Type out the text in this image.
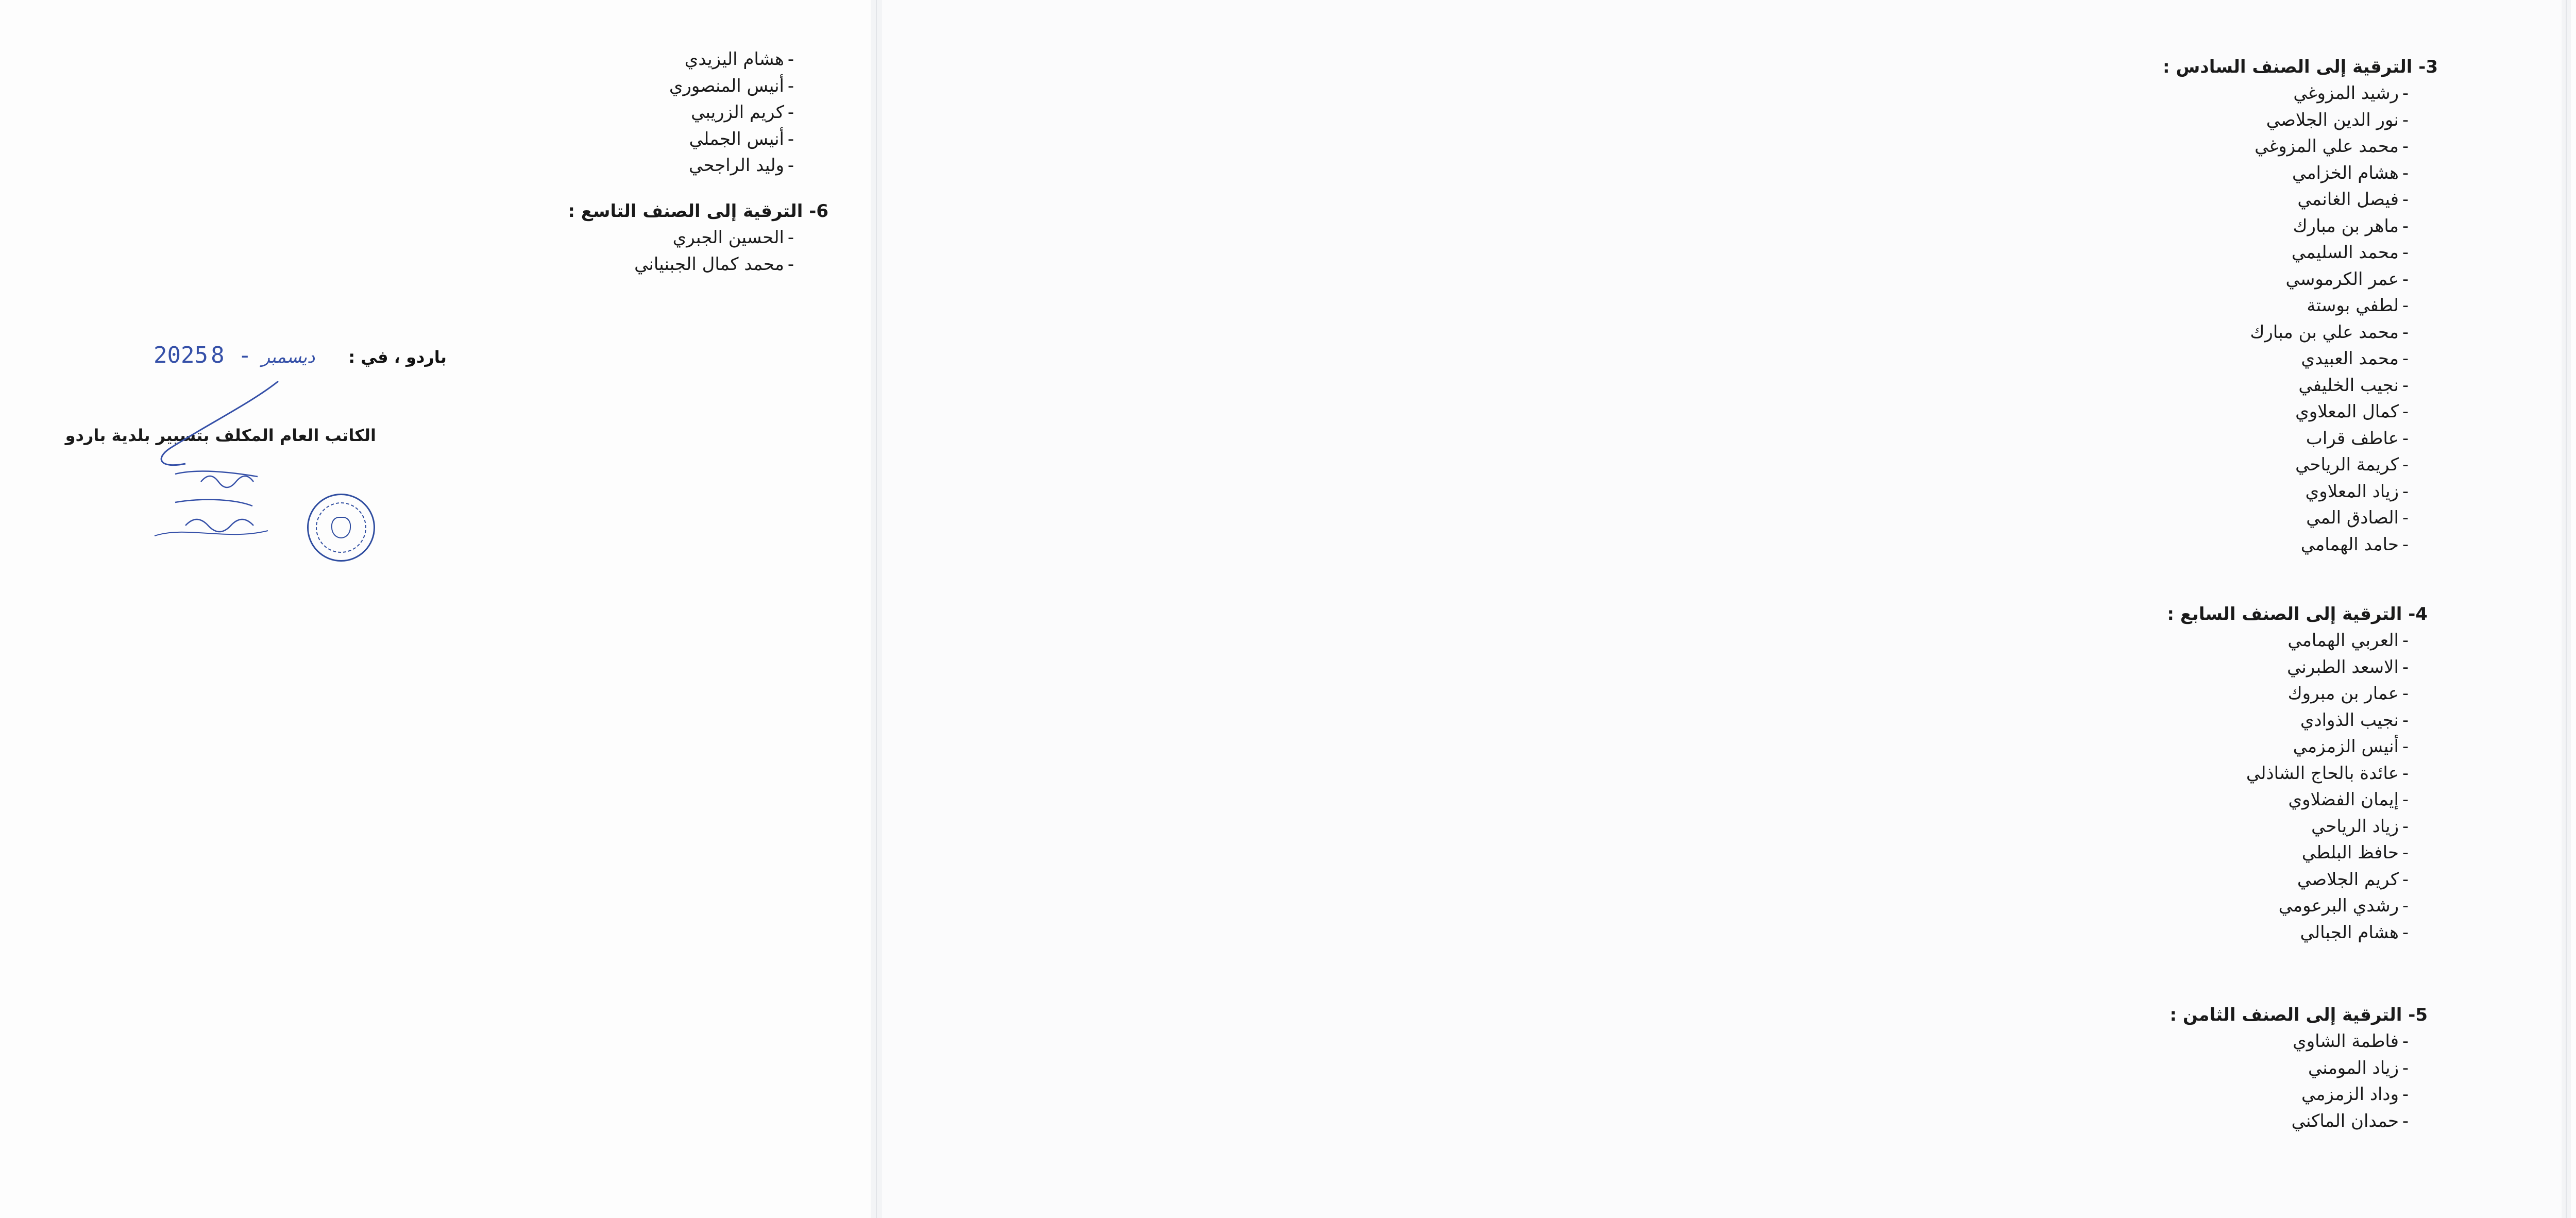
3- الترقية إلى الصنف السادس :
-رشيد المزوغي
-نور الدين الجلاصي
-محمد علي المزوغي
-هشام الخزامي
-فيصل الغانمي
-ماهر بن مبارك
-محمد السليمي
-عمر الكرموسي
-لطفي بوستة
-محمد علي بن مبارك
-محمد العبيدي
-نجيب الخليفي
-كمال المعلاوي
-عاطف قراب
-كريمة الرياحي
-زياد المعلاوي
-الصادق المي
-حامد الهمامي
4- الترقية إلى الصنف السابع :
-العربي الهمامي
-الاسعد الطبرني
-عمار بن مبروك
-نجيب الذوادي
-أنيس الزمزمي
-عائدة بالحاج الشاذلي
-إيمان الفضلاوي
-زياد الرياحي
-حافظ البلطي
-كريم الجلاصي
-رشدي البرعومي
-هشام الجبالي
5- الترقية إلى الصنف الثامن :
-فاطمة الشاوي
-زياد المومني
-وداد الزمزمي
-حمدان الماكني
-هشام اليزيدي
-أنيس المنصوري
-كريم الزريبي
-أنيس الجملي
-وليد الراجحي
6- الترقية إلى الصنف التاسع :
-الحسين الجبري
-محمد كمال الجبنياني
2025	ديسمبر - 8	باردو ، في :
الكاتب العام المكلف بتسيير بلدية باردو
